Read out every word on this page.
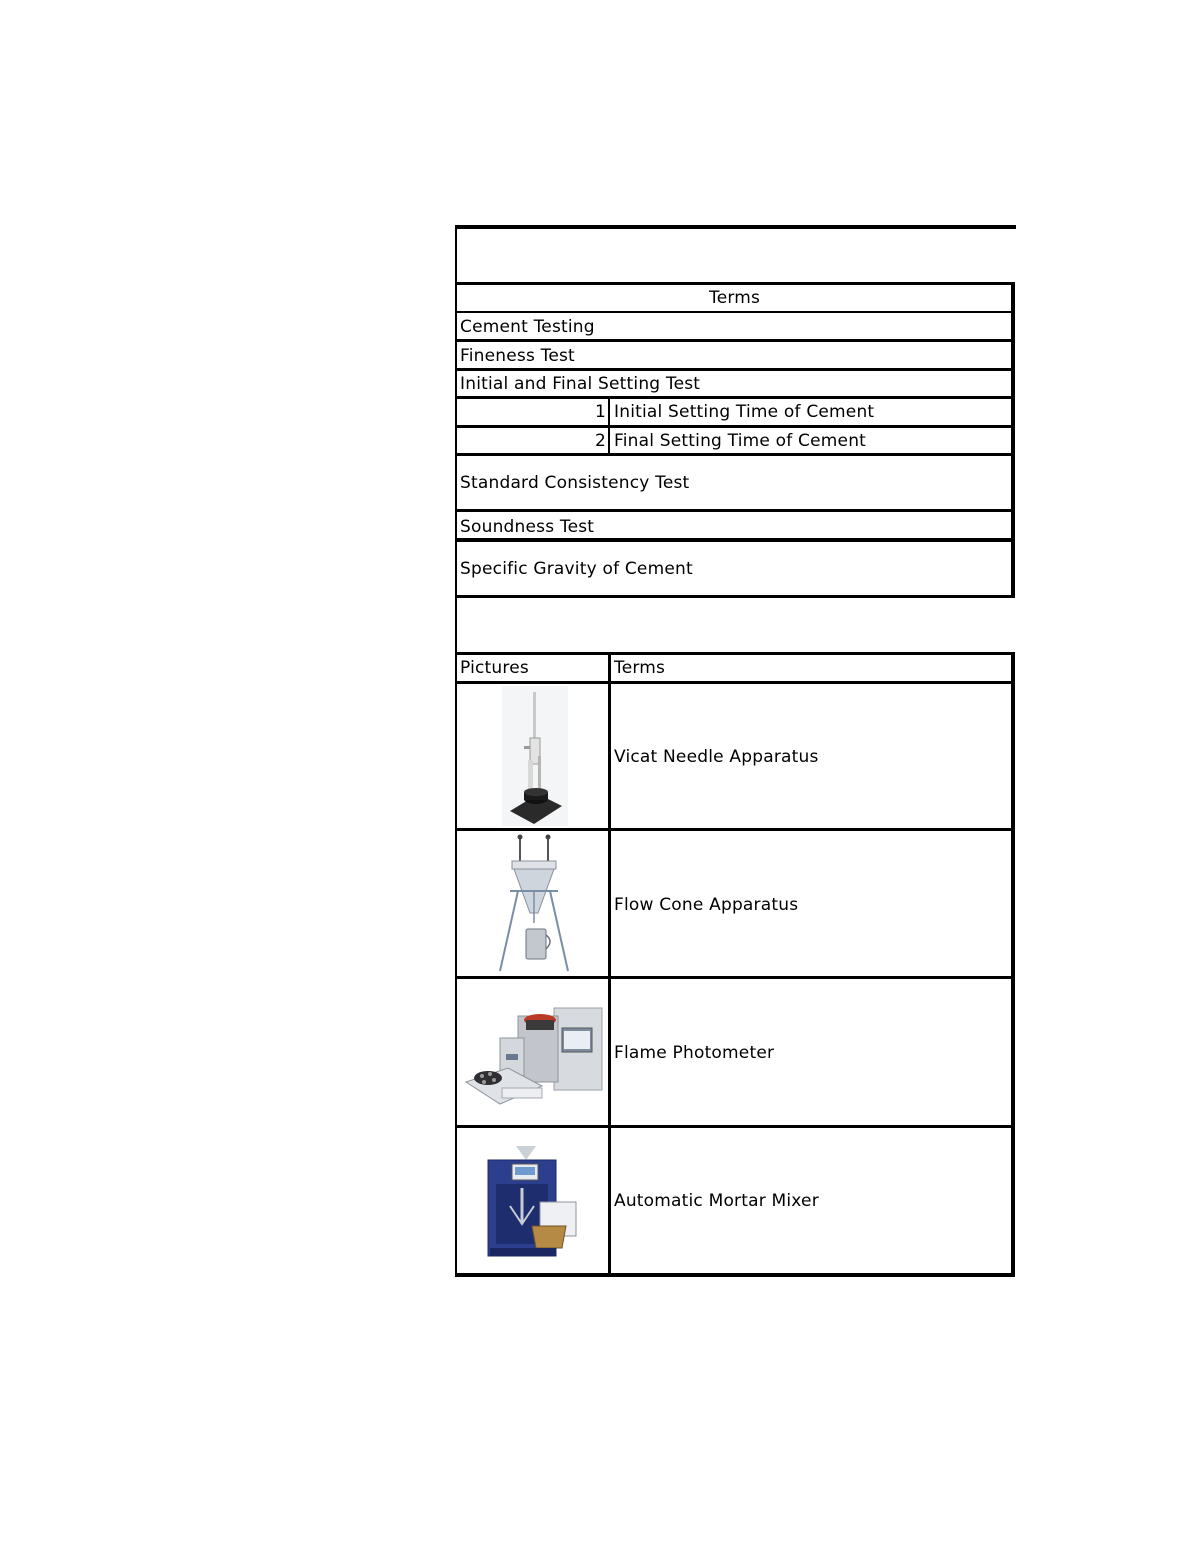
Terms
Cement Testing
Fineness Test
Initial and Final Setting Test
1 Initial Setting Time of Cement
2 Final Setting Time of Cement
Standard Consistency Test
Soundness Test
Specific Gravity of Cement
Pictures	Terms
Vicat Needle Apparatus
Flow Cone Apparatus
Flame Photometer
Automatic Mortar Mixer
